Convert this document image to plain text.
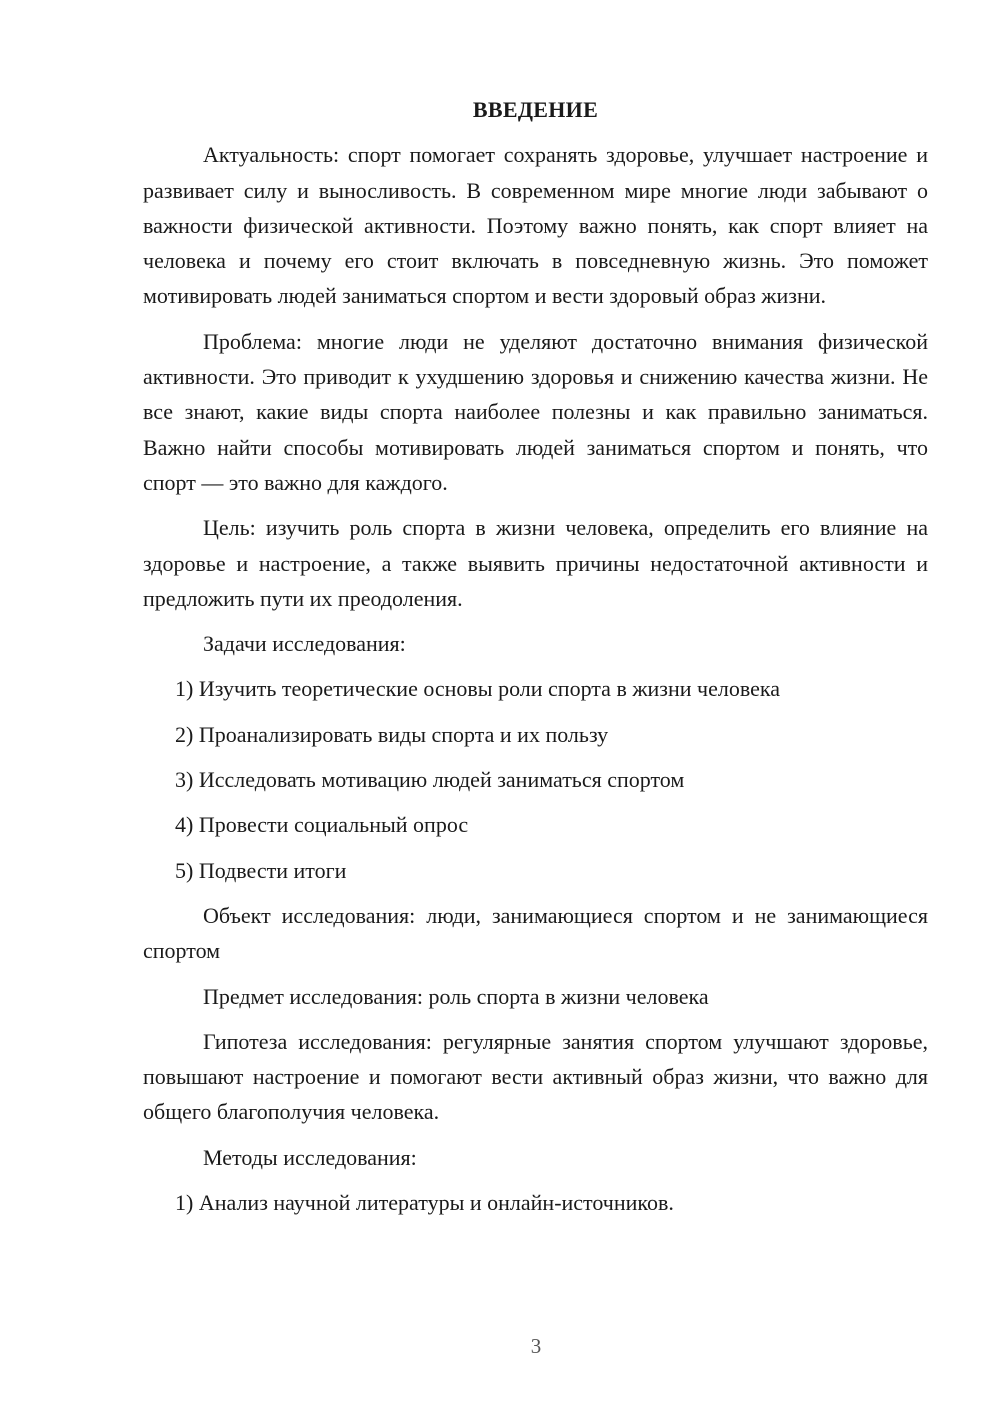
ВВЕДЕНИЕ

Актуальность: спорт помогает сохранять здоровье, улучшает настроение и развивает силу и выносливость. В современном мире многие люди забывают о важности физической активности. Поэтому важно понять, как спорт влияет на человека и почему его стоит включать в повседневную жизнь. Это поможет мотивировать людей заниматься спортом и вести здоровый образ жизни.

Проблема: многие люди не уделяют достаточно внимания физической активности. Это приводит к ухудшению здоровья и снижению качества жизни. Не все знают, какие виды спорта наиболее полезны и как правильно заниматься. Важно найти способы мотивировать людей заниматься спортом и понять, что спорт — это важно для каждого.

Цель: изучить роль спорта в жизни человека, определить его влияние на здоровье и настроение, а также выявить причины недостаточной активности и предложить пути их преодоления.

Задачи исследования:
1) Изучить теоретические основы роли спорта в жизни человека
2) Проанализировать виды спорта и их пользу
3) Исследовать мотивацию людей заниматься спортом
4) Провести социальный опрос
5) Подвести итоги

Объект исследования: люди, занимающиеся спортом и не занимающиеся спортом

Предмет исследования: роль спорта в жизни человека

Гипотеза исследования: регулярные занятия спортом улучшают здоровье, повышают настроение и помогают вести активный образ жизни, что важно для общего благополучия человека.

Методы исследования:
1) Анализ научной литературы и онлайн-источников.
3
